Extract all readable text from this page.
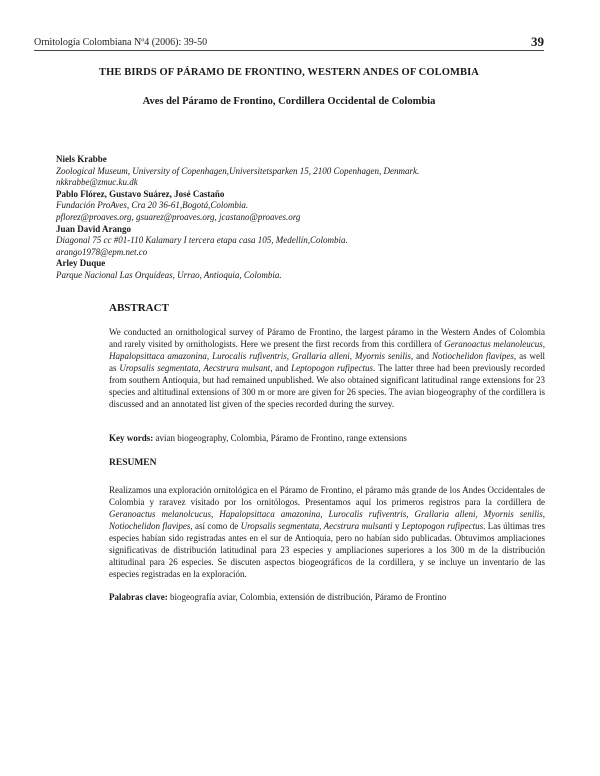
Ornitología Colombiana Nº4 (2006): 39-50	39
THE BIRDS OF PÁRAMO DE FRONTINO, WESTERN ANDES OF COLOMBIA
Aves del Páramo de Frontino, Cordillera Occidental de Colombia
Niels Krabbe
Zoological Museum, University of Copenhagen,Universitetsparken 15, 2100 Copenhagen, Denmark.
nkkrabbe@zmuc.ku.dk
Pablo Flórez, Gustavo Suárez, José Castaño
Fundación ProAves, Cra 20 36-61,Bogotá,Colombia.
pflorez@proaves.org, gsuarez@proaves.org, jcastano@proaves.org
Juan David Arango
Diagonal 75 cc #01-110 Kalamary I tercera etapa casa 105, Medellín,Colombia.
arango1978@epm.net.co
Arley Duque
Parque Nacional Las Orquídeas, Urrao, Antioquia, Colombia.
ABSTRACT
We conducted an ornithological survey of Páramo de Frontino, the largest páramo in the Western Andes of Colombia and rarely visited by ornithologists. Here we present the first records from this cordillera of Geranoactus melanoleucus, Hapalopsittaca amazonina, Lurocalis rufiventris, Grallaria alleni, Myornis senilis, and Notiochelidon flavipes, as well as Uropsalis segmentata, Aecstrura mulsant, and Leptopogon rufipectus. The latter three had been previously recorded from southern Antioquia, but had remained unpublished. We also obtained significant latitudinal range extensions for 23 species and altitudinal extensions of 300 m or more are given for 26 species. The avian biogeography of the cordillera is discussed and an annotated list given of the species recorded during the survey.
Key words: avian biogeography, Colombia, Páramo de Frontino, range extensions
RESUMEN
Realizamos una exploración ornitológica en el Páramo de Frontino, el páramo más grande de los Andes Occidentales de Colombia y raravez visitado por los ornitólogos. Presentamos aquí los primeros registros para la cordillera de Geranoactus melanolcucus, Hapalopsittaca amazonina, Lurocalis rufiventris, Grallaria alleni, Myornis senilis, Notiochelidon flavipes, así como de Uropsalis segmentata, Aecstrura mulsanti y Leptopogon rufipectus. Las últimas tres especies habían sido registradas antes en el sur de Antioquia, pero no habían sido publicadas. Obtuvimos ampliaciones significativas de distribución latitudinal para 23 especies y ampliaciones superiores a los 300 m de la distribución altitudinal para 26 especies. Se discuten aspectos biogeográficos de la cordillera, y se incluye un inventario de las especies registradas en la exploración.
Palabras clave: biogeografía aviar, Colombia, extensión de distribución, Páramo de Frontino
